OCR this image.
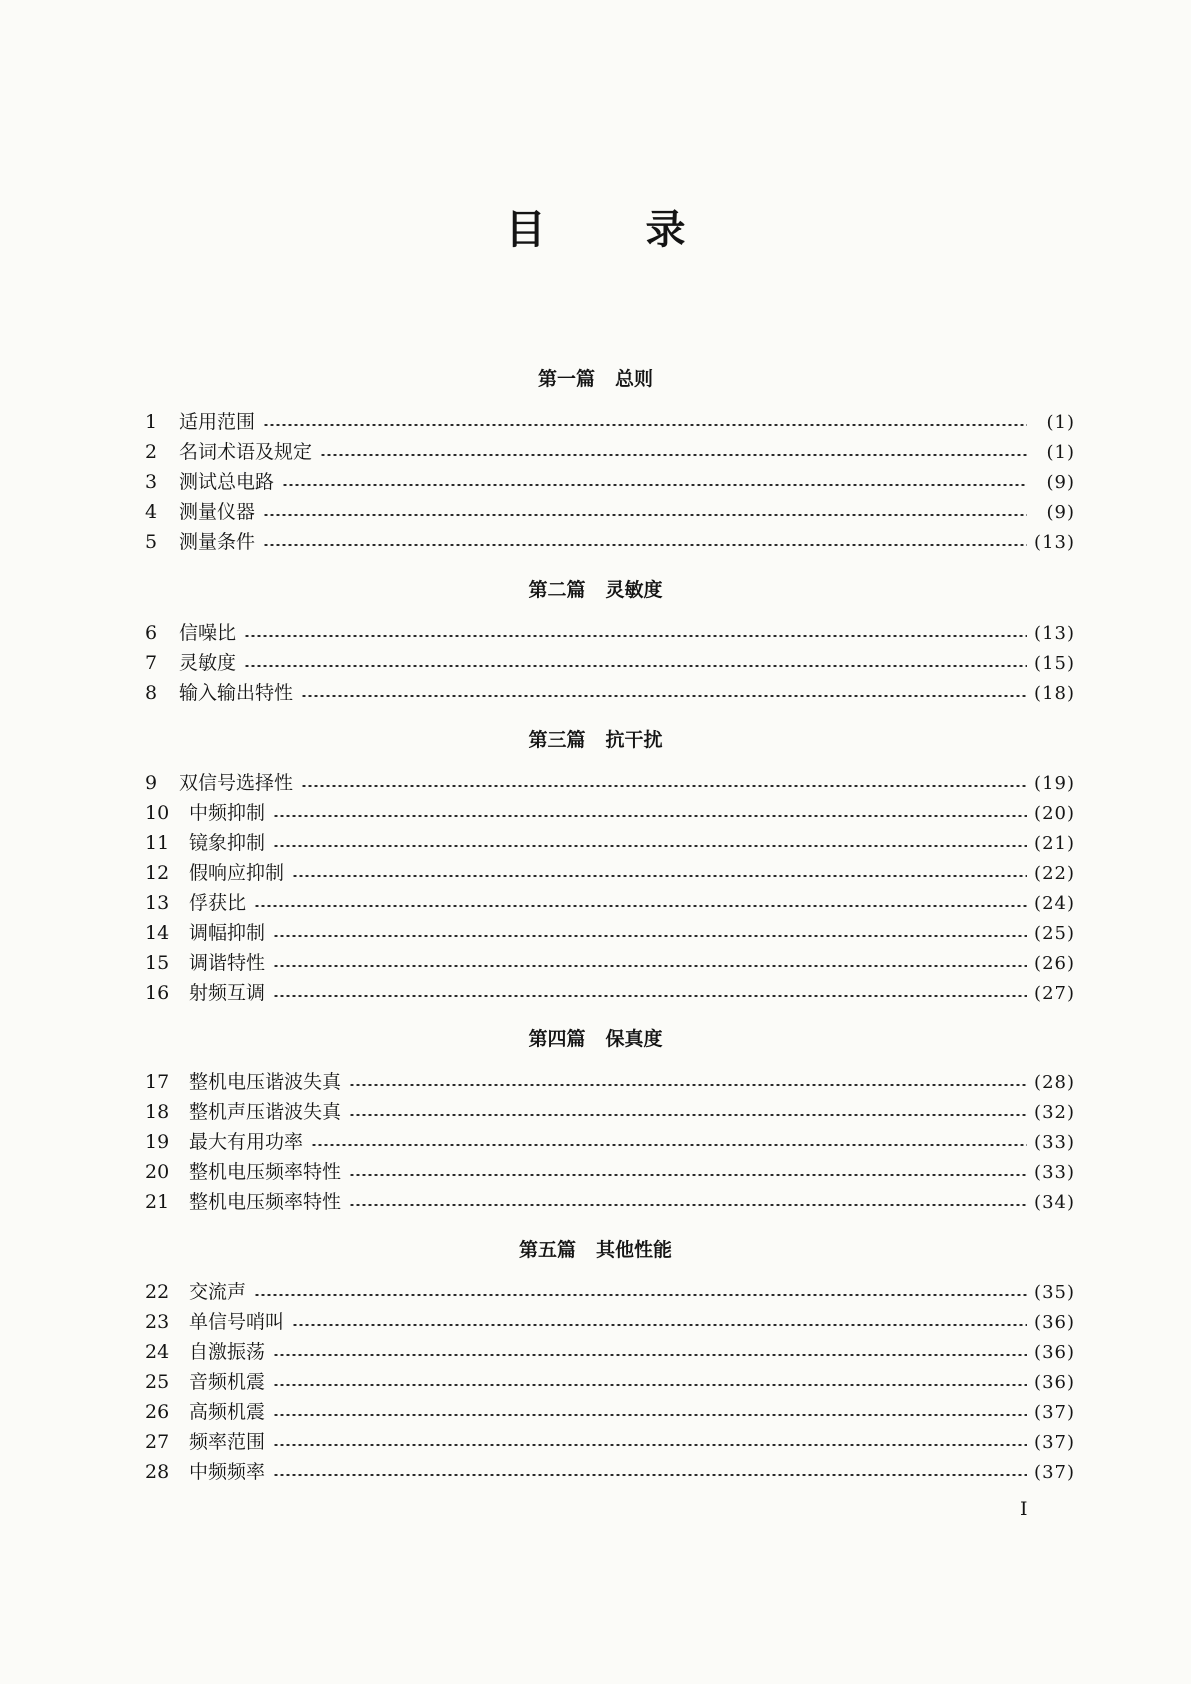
目录
第一篇 总则
1	适用范围	(1)
2	名词术语及规定	(1)
3	测试总电路	(9)
4	测量仪器	(9)
5	测量条件	(13)
第二篇 灵敏度
6	信噪比	(13)
7	灵敏度	(15)
8	输入输出特性	(18)
第三篇 抗干扰
9	双信号选择性	(19)
10	中频抑制	(20)
11	镜象抑制	(21)
12	假响应抑制	(22)
13	俘获比	(24)
14	调幅抑制	(25)
15	调谐特性	(26)
16	射频互调	(27)
第四篇 保真度
17	整机电压谐波失真	(28)
18	整机声压谐波失真	(32)
19	最大有用功率	(33)
20	整机电压频率特性	(33)
21	整机电压频率特性	(34)
第五篇 其他性能
22	交流声	(35)
23	单信号哨叫	(36)
24	自激振荡	(36)
25	音频机震	(36)
26	高频机震	(37)
27	频率范围	(37)
28	中频频率	(37)

I
